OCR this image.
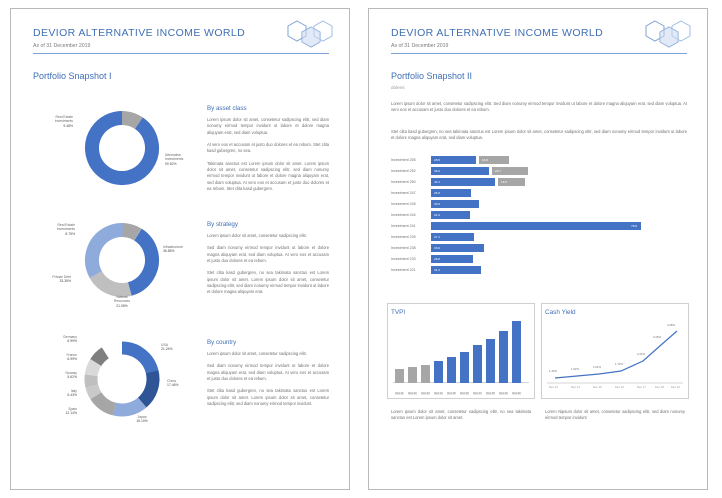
DEVIOR ALTERNATIVE INCOME WORLD
As of 31 December 2019
Portfolio Snapshot I
Real Estate
Investments
9.48%
Alternative
Investments
90.52%
By asset class

Lorem ipsum dolor sit amet, consetetur sadipscing elitr, sed diam nonumy eirmod tempor invidunt ut labore et dolore magna aliquyam erat, sed diam voluptua.

At vero eos et accusam et justo duo dolores et ea rebum. Stet clita kasd gubergren, no sea.

Takimata sanctus est Lorem ipsum dolor sit amet. Lorem ipsum dolor sit amet, consetetur sadipscing elitr, sed diam nonumy eirmod tempor invidunt ut labore et dolore magna aliquyam erat, sed diam voluptua. At vero eos et accusam et justo duo dolores et ea rebum. Stet clita kasd gubergren.

Real Estate
Investments
8.75%
Infrastructure
36.85%
Natural
Resources
21.05%
Private Debt
33.35%
By strategy

Lorem ipsum dolor sit amet, consetetur sadipscing elitr.

Sed diam nonumy eirmod tempor invidunt ut labore et dolore magna aliquyam erat, sed diam voluptua. At vero eos et accusam et justo duo dolores et ea rebum.

Stet clita kasd gubergren, no sea takimata sanctus est Lorem ipsum dolor sit amet. Lorem ipsum dolor sit amet, consetetur sadipscing elitr, sed diam nonumy eirmod tempor invidunt ut labore et dolore magna aliquyam erat.

USA
21.24%
China
17.46%
Japan
15.10%
Spain
12.14%
Italy
5.43%
Norway
5.62%
France
6.99%
Germany
6.99%	By country

Lorem ipsum dolor sit amet, consetetur sadipscing elitr.

Sed diam nonumy eirmod tempor invidunt ut labore et dolore magna aliquyam erat, sed diam voluptua. At vero eos et accusam et justo duo dolores et ea rebum.

Stet clita kasd gubergren, no sea takimata sanctus est Lorem ipsum dolor sit amet. Lorem ipsum dolor sit amet, consetetur sadipscing elitr, sed diam nonumy eirmod tempor invidunt.

DEVIOR ALTERNATIVE INCOME WORLD
As of 31 December 2019
Portfolio Snapshot II
dolens

Lorem ipsum dolor sit amet, consetetur sadipscing elitr. Sed diam nonumy eirmod tempor invidunt ut labore et dolore magna aliquyam erat, sed diam voluptua. At vero eos et accusam et justo duo dolores et ea rebum.

Stet clita kasd gubergren, no sea takimata sanctus est Lorem ipsum dolor sit amet, consetetur sadipscing elitr, sed diam nonumy eirmod tempor invidunt ut labore et dolore magna aliquyam erat, sed diam voluptua.

Investment 255	28.5	18.3
Investment 252	36.2	22.7
Investment 250	40.1	16.5
Investment 247	25.3
Investment 245	30.0
Investment 244	24.4
Investment 241	78.9
Investment 239	27.1
Investment 238	33.6
Investment 233	26.8
Investment 221	31.2
TVPI
Dec 11 Dec 12 Dec 13 Dec 14 Dec 15 Dec 16 Dec 17 Dec 18 Dec 19 Dec 20
Cash Yield
1.44%	1.52%	1.61%
1.72%
2.24%
3.26%
4.28%
Dec 13	Dec 14	Dec 15	Dec 16	Dec 17	Dec 18	Dec 19

Lorem ipsum dolor sit amet, consetetur sadipscing elitr, no sea takimata sanctus est Lorem ipsum dolor sit amet.

Lorem Nipsum dolor sit amet, consetetur sadipscing elitr, sed diam nonumy eirmod tempor invidunt
